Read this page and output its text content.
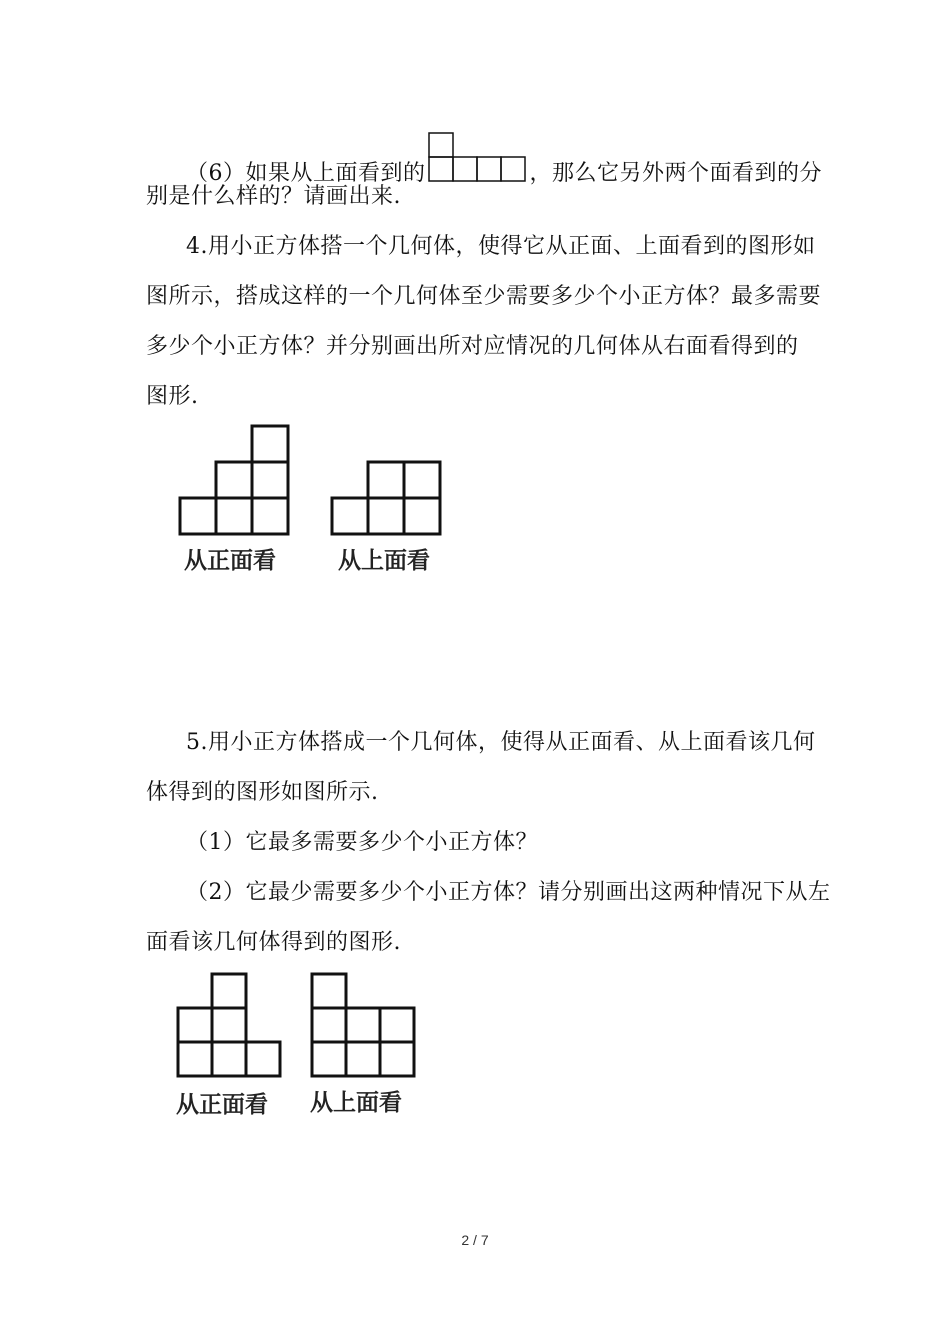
（6）如果从上面看到的	，那么它另外两个面看到的分
别是什么样的？请画出来.
4.用小正方体搭一个几何体，使得它从正面、上面看到的图形如
图所示，搭成这样的一个几何体至少需要多少个小正方体？最多需要
多少个小正方体？并分别画出所对应情况的几何体从右面看得到的
图形.
从正面看	从上面看
5.用小正方体搭成一个几何体，使得从正面看、从上面看该几何
体得到的图形如图所示.
（1）它最多需要多少个小正方体？
（2）它最少需要多少个小正方体？请分别画出这两种情况下从左
面看该几何体得到的图形.
从正面看 从上面看
2 / 7
